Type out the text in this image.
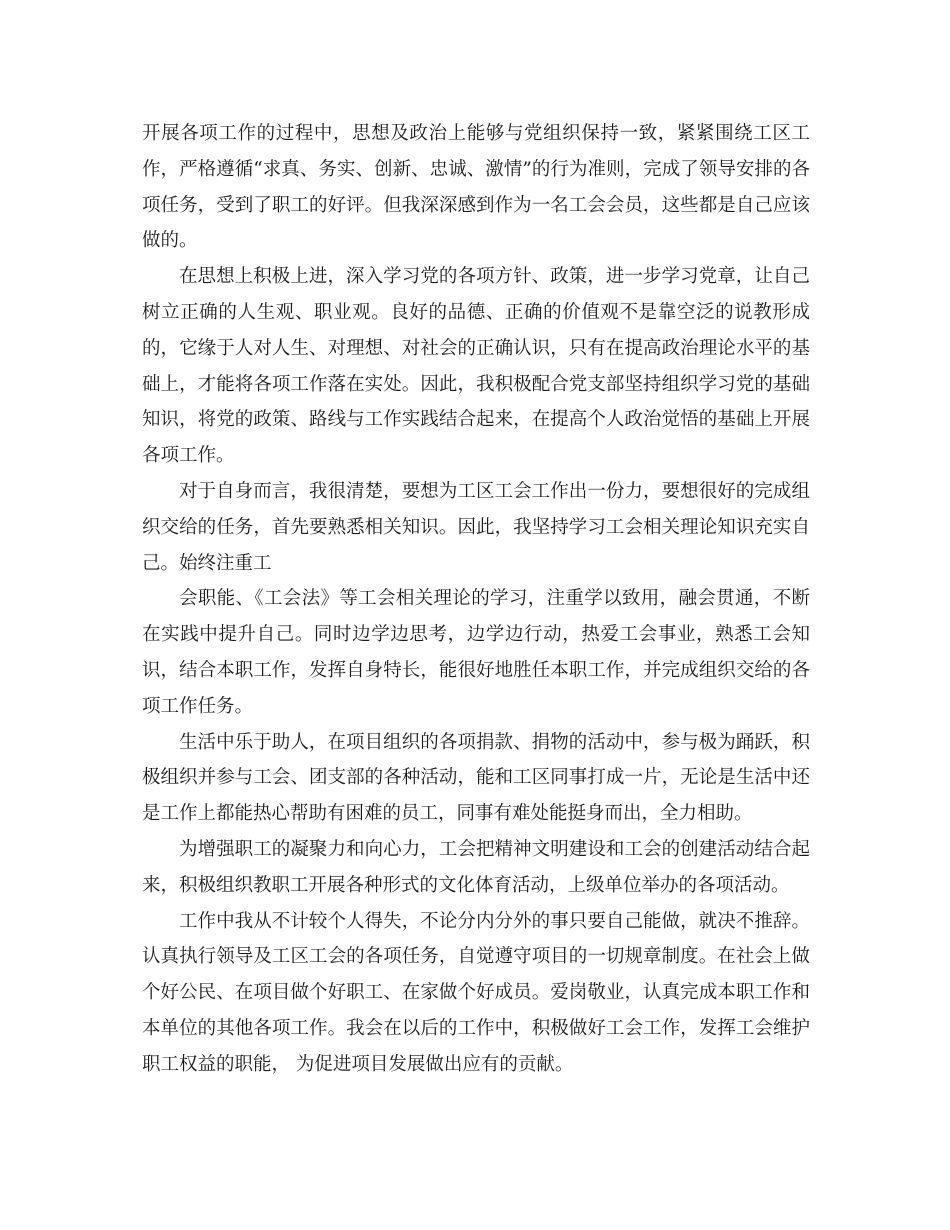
开展各项工作的过程中，思想及政治上能够与党组织保持一致，紧紧围绕工区工作，严格遵循“求真、务实、创新、忠诚、激情”的行为准则，完成了领导安排的各项任务，受到了职工的好评。但我深深感到作为一名工会会员，这些都是自己应该做的。

在思想上积极上进，深入学习党的各项方针、政策，进一步学习党章，让自己树立正确的人生观、职业观。良好的品德、正确的价值观不是靠空泛的说教形成的，它缘于人对人生、对理想、对社会的正确认识，只有在提高政治理论水平的基础上，才能将各项工作落在实处。因此，我积极配合党支部坚持组织学习党的基础知识，将党的政策、路线与工作实践结合起来，在提高个人政治觉悟的基础上开展各项工作。

对于自身而言，我很清楚，要想为工区工会工作出一份力，要想很好的完成组织交给的任务，首先要熟悉相关知识。因此，我坚持学习工会相关理论知识充实自己。始终注重工

会职能、《工会法》等工会相关理论的学习，注重学以致用，融会贯通，不断在实践中提升自己。同时边学边思考，边学边行动，热爱工会事业，熟悉工会知识，结合本职工作，发挥自身特长，能很好地胜任本职工作，并完成组织交给的各项工作任务。

生活中乐于助人，在项目组织的各项捐款、捐物的活动中，参与极为踊跃，积极组织并参与工会、团支部的各种活动，能和工区同事打成一片，无论是生活中还是工作上都能热心帮助有困难的员工，同事有难处能挺身而出，全力相助。

为增强职工的凝聚力和向心力，工会把精神文明建设和工会的创建活动结合起来，积极组织教职工开展各种形式的文化体育活动，上级单位举办的各项活动。

工作中我从不计较个人得失，不论分内分外的事只要自己能做，就决不推辞。认真执行领导及工区工会的各项任务，自觉遵守项目的一切规章制度。在社会上做个好公民、在项目做个好职工、在家做个好成员。爱岗敬业，认真完成本职工作和本单位的其他各项工作。我会在以后的工作中，积极做好工会工作，发挥工会维护职工权益的职能， 为促进项目发展做出应有的贡献。
